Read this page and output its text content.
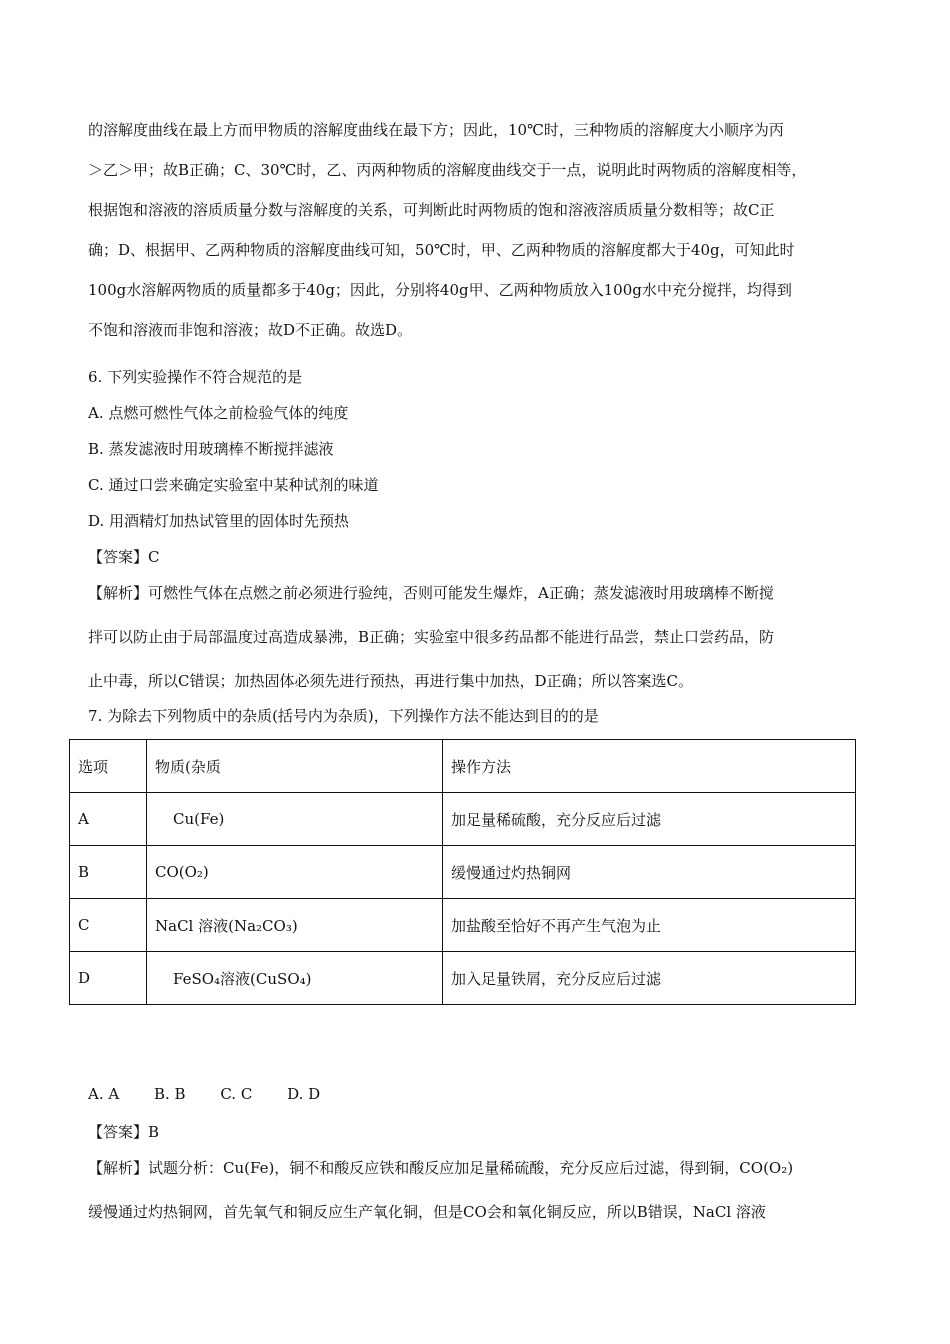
的溶解度曲线在最上方而甲物质的溶解度曲线在最下方；因此，10℃时，三种物质的溶解度大小顺序为丙
＞乙＞甲；故B正确；C、30℃时，乙、丙两种物质的溶解度曲线交于一点，说明此时两物质的溶解度相等，
根据饱和溶液的溶质质量分数与溶解度的关系，可判断此时两物质的饱和溶液溶质质量分数相等；故C正
确；D、根据甲、乙两种物质的溶解度曲线可知，50℃时，甲、乙两种物质的溶解度都大于40g，可知此时
100g水溶解两物质的质量都多于40g；因此，分别将40g甲、乙两种物质放入100g水中充分搅拌，均得到
不饱和溶液而非饱和溶液；故D不正确。故选D。
6. 下列实验操作不符合规范的是
A. 点燃可燃性气体之前检验气体的纯度
B. 蒸发滤液时用玻璃棒不断搅拌滤液
C. 通过口尝来确定实验室中某种试剂的味道
D. 用酒精灯加热试管里的固体时先预热
【答案】C
【解析】可燃性气体在点燃之前必须进行验纯，否则可能发生爆炸，A正确；蒸发滤液时用玻璃棒不断搅
拌可以防止由于局部温度过高造成暴沸，B正确；实验室中很多药品都不能进行品尝，禁止口尝药品，防
止中毒，所以C错误；加热固体必须先进行预热，再进行集中加热，D正确；所以答案选C。
7. 为除去下列物质中的杂质(括号内为杂质)，下列操作方法不能达到目的的是
选项	物质(杂质	操作方法
A	Cu(Fe)	加足量稀硫酸，充分反应后过滤
B	CO(O₂)	缓慢通过灼热铜网
C	NaCl 溶液(Na₂CO₃)	加盐酸至恰好不再产生气泡为止
D	FeSO₄溶液(CuSO₄)	加入足量铁屑，充分反应后过滤
A. A B. B C. C D. D
【答案】B
【解析】试题分析：Cu(Fe)，铜不和酸反应铁和酸反应加足量稀硫酸，充分反应后过滤，得到铜，CO(O₂)
缓慢通过灼热铜网，首先氧气和铜反应生产氧化铜，但是CO会和氧化铜反应，所以B错误，NaCl 溶液
